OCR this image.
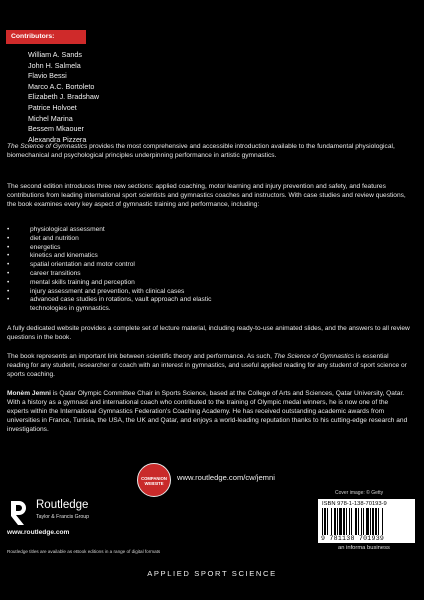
Contributors:
William A. Sands
John H. Salmela
Flavio Bessi
Marco A.C. Bortoleto
Elizabeth J. Bradshaw
Patrice Holvoet
Michel Marina
Bessem Mkaouer
Alexandra Pizzera

The Science of Gymnastics provides the most comprehensive and accessible introduction available to the fundamental physiological, biomechanical and psychological principles underpinning performance in artistic gymnastics.

The second edition introduces three new sections: applied coaching, motor learning and injury prevention and safety, and features contributions from leading international sport scientists and gymnastics coaches and instructors. With case studies and review questions, the book examines every key aspect of gymnastic training and performance, including:

• physiological assessment
• diet and nutrition
• energetics
• kinetics and kinematics
• spatial orientation and motor control
• career transitions
• mental skills training and perception
• injury assessment and prevention, with clinical cases
• advanced case studies in rotations, vault approach and elastic technologies in gymnastics.

A fully dedicated website provides a complete set of lecture material, including ready-to-use animated slides, and the answers to all review questions in the book.

The book represents an important link between scientific theory and performance. As such, The Science of Gymnastics is essential reading for any student, researcher or coach with an interest in gymnastics, and useful applied reading for any student of sport science or sports coaching.

Monèm Jemni is Qatar Olympic Committee Chair in Sports Science, based at the College of Arts and Sciences, Qatar University, Qatar. With a history as a gymnast and international coach who contributed to the training of Olympic medal winners, he is now one of the experts within the International Gymnastics Federation's Coaching Academy. He has received outstanding academic awards from universities in France, Tunisia, the USA, the UK and Qatar, and enjoys a world-leading reputation thanks to his cutting-edge research and investigations.

COMPANION
WEBSITE
www.routledge.com/cw/jemni
Cover image: © Getty
Routledge
Taylor & Francis Group
www.routledge.com
Routledge titles are available as eBook editions in a range of digital formats
ISBN 978-1-138-70193-9
9 781138 701939
an informa business
APPLIED SPORT SCIENCE
